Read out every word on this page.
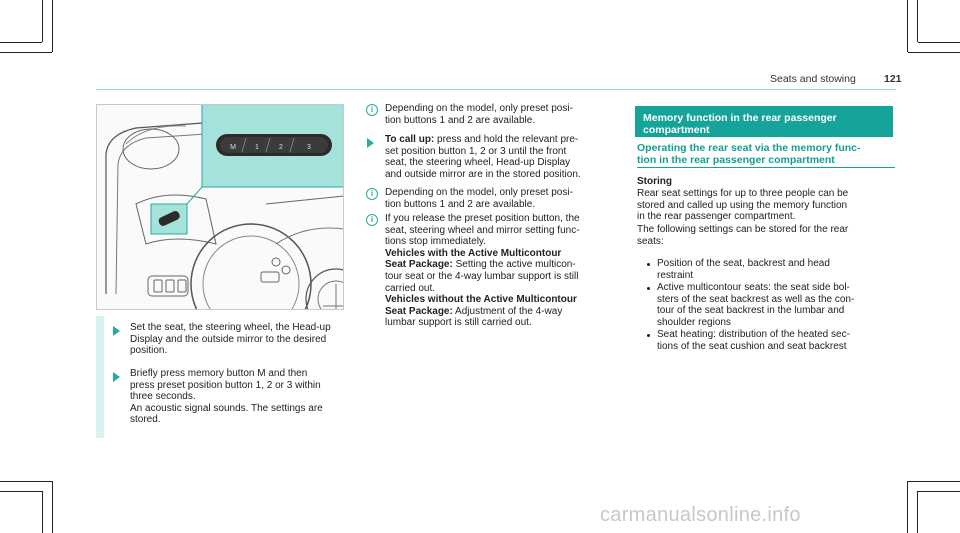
Seats and stowing	121
M	1	2	3
Set the seat, the steering wheel, the Head-up
Display and the outside mirror to the desired
position.
Briefly press memory button M and then
press preset position button 1, 2 or 3 within
three seconds.
An acoustic signal sounds. The settings are
stored.
i	Depending on the model, only preset posi-
tion buttons 1 and 2 are available.
To call up: press and hold the relevant pre-
set position button 1, 2 or 3 until the front
seat, the steering wheel, Head-up Display
and outside mirror are in the stored position.
i	Depending on the model, only preset posi-
tion buttons 1 and 2 are available.
i	If you release the preset position button, the
seat, steering wheel and mirror setting func-
tions stop immediately.
Vehicles with the Active Multicontour
Seat Package: Setting the active multicon-
tour seat or the 4-way lumbar support is still
carried out.
Vehicles without the Active Multicontour
Seat Package: Adjustment of the 4-way
lumbar support is still carried out.
Memory function in the rear passenger
compartment
Operating the rear seat via the memory func-
tion in the rear passenger compartment
Storing
Rear seat settings for up to three people can be
stored and called up using the memory function
in the rear passenger compartment.
The following settings can be stored for the rear
seats:
Position of the seat, backrest and head
restraint
Active multicontour seats: the seat side bol-
sters of the seat backrest as well as the con-
tour of the seat backrest in the lumbar and
shoulder regions
Seat heating: distribution of the heated sec-
tions of the seat cushion and seat backrest
carmanualsonline.info
